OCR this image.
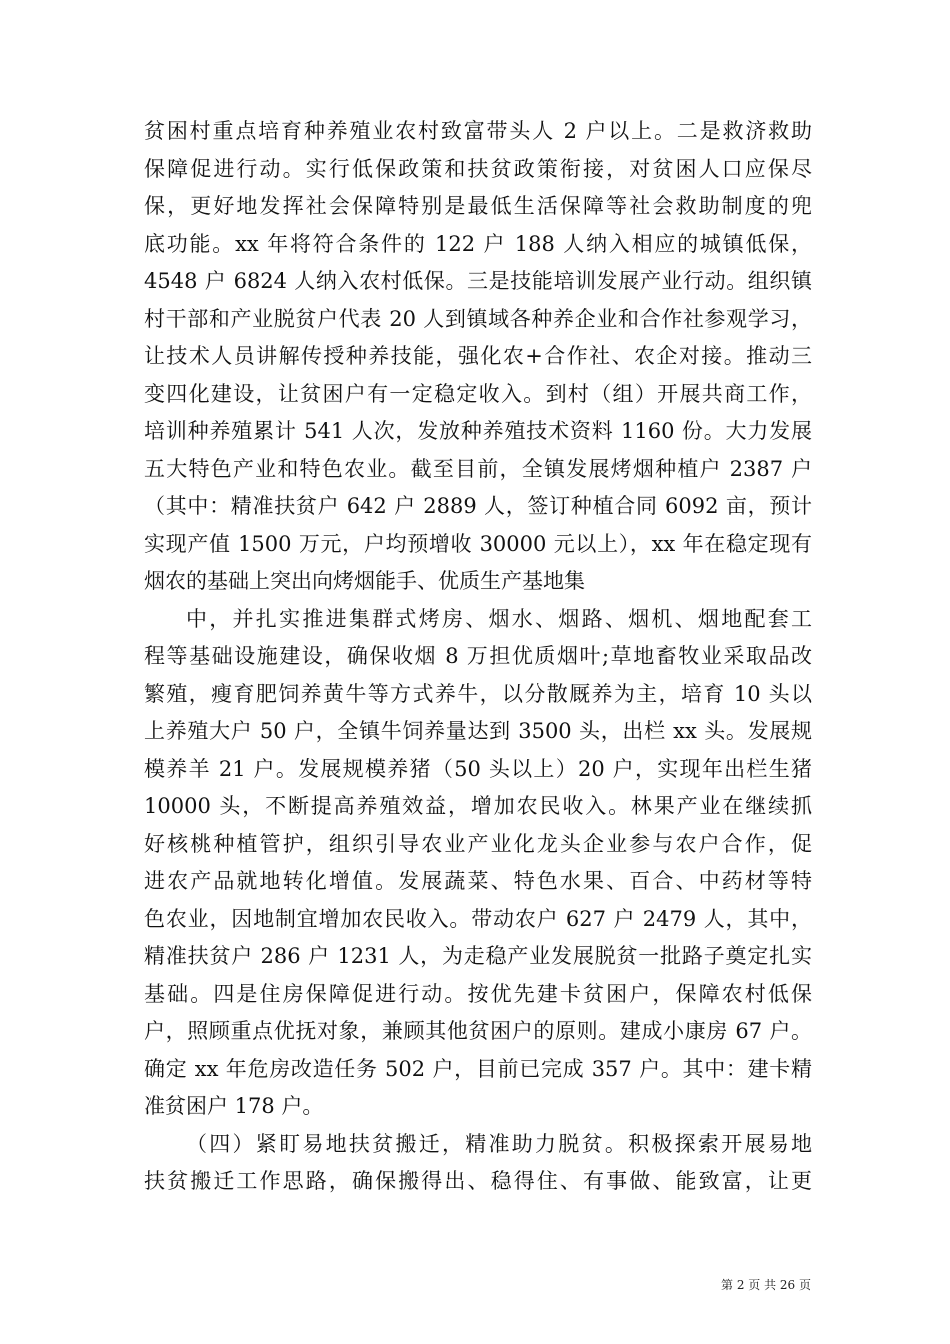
贫困村重点培育种养殖业农村致富带头人 2 户以上。二是救济救助
保障促进行动。实行低保政策和扶贫政策衔接，对贫困人口应保尽
保，更好地发挥社会保障特别是最低生活保障等社会救助制度的兜
底功能。xx 年将符合条件的 122 户 188 人纳入相应的城镇低保，
4548 户 6824 人纳入农村低保。三是技能培训发展产业行动。组织镇
村干部和产业脱贫户代表 20 人到镇域各种养企业和合作社参观学习，
让技术人员讲解传授种养技能，强化农+合作社、农企对接。推动三
变四化建设，让贫困户有一定稳定收入。到村（组）开展共商工作，
培训种养殖累计 541 人次，发放种养殖技术资料 1160 份。大力发展
五大特色产业和特色农业。截至目前，全镇发展烤烟种植户 2387 户
（其中：精准扶贫户 642 户 2889 人，签订种植合同 6092 亩，预计
实现产值 1500 万元，户均预增收 30000 元以上），xx 年在稳定现有
烟农的基础上突出向烤烟能手、优质生产基地集
中，并扎实推进集群式烤房、烟水、烟路、烟机、烟地配套工
程等基础设施建设，确保收烟 8 万担优质烟叶;草地畜牧业采取品改
繁殖，瘦育肥饲养黄牛等方式养牛，以分散厩养为主，培育 10 头以
上养殖大户 50 户，全镇牛饲养量达到 3500 头，出栏 xx 头。发展规
模养羊 21 户。发展规模养猪（50 头以上）20 户，实现年出栏生猪
10000 头，不断提高养殖效益，增加农民收入。林果产业在继续抓
好核桃种植管护，组织引导农业产业化龙头企业参与农户合作，促
进农产品就地转化增值。发展蔬菜、特色水果、百合、中药材等特
色农业，因地制宜增加农民收入。带动农户 627 户 2479 人，其中，
精准扶贫户 286 户 1231 人，为走稳产业发展脱贫一批路子奠定扎实
基础。四是住房保障促进行动。按优先建卡贫困户，保障农村低保
户，照顾重点优抚对象，兼顾其他贫困户的原则。建成小康房 67 户。
确定 xx 年危房改造任务 502 户，目前已完成 357 户。其中：建卡精
准贫困户 178 户。
（四）紧盯易地扶贫搬迁，精准助力脱贫。积极探索开展易地
扶贫搬迁工作思路，确保搬得出、稳得住、有事做、能致富，让更
第 2 页 共 26 页
